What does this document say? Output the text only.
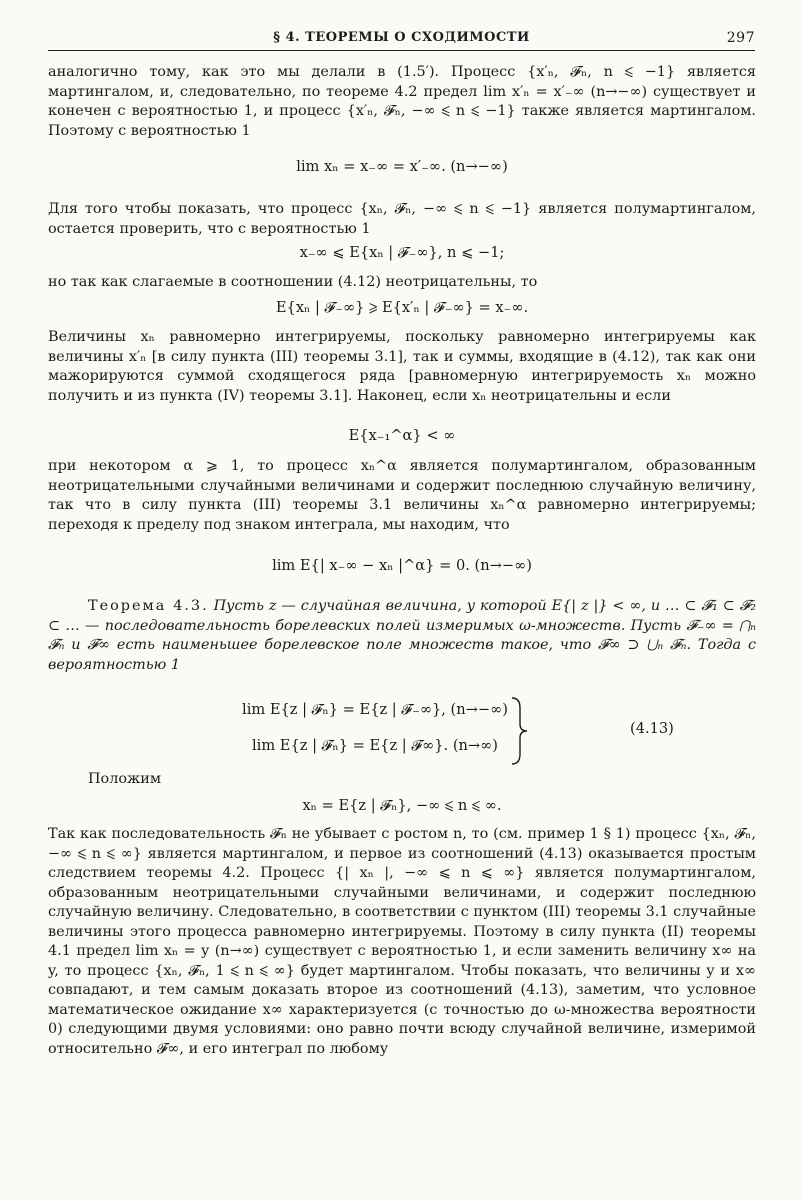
§ 4. ТЕОРЕМЫ О СХОДИМОСТИ	297

аналогично тому, как это мы делали в (1.5′). Процесс {x′ₙ, 𝓕ₙ, n ⩽ −1} является мартингалом, и, следовательно, по теореме 4.2 предел lim x′ₙ = x′₋∞ (n→−∞) существует и конечен с вероятностью 1, и процесс {x′ₙ, 𝓕ₙ, −∞ ⩽ n ⩽ −1} также является мартингалом. Поэтому с вероятностью 1

lim xₙ = x₋∞ = x′₋∞. (n→−∞)

Для того чтобы показать, что процесс {xₙ, 𝓕ₙ, −∞ ⩽ n ⩽ −1} является полумартингалом, остается проверить, что с вероятностью 1

x₋∞ ⩽ E{xₙ | 𝓕₋∞}, n ⩽ −1;

но так как слагаемые в соотношении (4.12) неотрицательны, то

E{xₙ | 𝓕₋∞} ⩾ E{x′ₙ | 𝓕₋∞} = x₋∞.

Величины xₙ равномерно интегрируемы, поскольку равномерно интегрируемы как величины x′ₙ [в силу пункта (III) теоремы 3.1], так и суммы, входящие в (4.12), так как они мажорируются суммой сходящегося ряда [равномерную интегрируемость xₙ можно получить и из пункта (IV) теоремы 3.1]. Наконец, если xₙ неотрицательны и если

E{x₋₁^α} < ∞

при некотором α ⩾ 1, то процесс xₙ^α является полумартингалом, образованным неотрицательными случайными величинами и содержит последнюю случайную величину, так что в силу пункта (III) теоремы 3.1 величины xₙ^α равномерно интегрируемы; переходя к пределу под знаком интеграла, мы находим, что

lim E{| x₋∞ − xₙ |^α} = 0. (n→−∞)

Теорема 4.3. Пусть z — случайная величина, у которой E{| z |} < ∞, и … ⊂ 𝓕₁ ⊂ 𝓕₂ ⊂ … — последовательность борелевских полей измеримых ω-множеств. Пусть 𝓕₋∞ = ⋂ₙ 𝓕ₙ и 𝓕∞ есть наименьшее борелевское поле множеств такое, что 𝓕∞ ⊃ ⋃ₙ 𝓕ₙ. Тогда с вероятностью 1

lim E{z | 𝓕ₙ} = E{z | 𝓕₋∞}, (n→−∞)
lim E{z | 𝓕ₙ} = E{z | 𝓕∞}. (n→∞)
(4.13)

Положим

xₙ = E{z | 𝓕ₙ}, −∞ ⩽ n ⩽ ∞.

Так как последовательность 𝓕ₙ не убывает с ростом n, то (см. пример 1 § 1) процесс {xₙ, 𝓕ₙ, −∞ ⩽ n ⩽ ∞} является мартингалом, и первое из соотношений (4.13) оказывается простым следствием теоремы 4.2. Процесс {| xₙ |, −∞ ⩽ n ⩽ ∞} является полумартингалом, образованным неотрицательными случайными величинами, и содержит последнюю случайную величину. Следовательно, в соответствии с пунктом (III) теоремы 3.1 случайные величины этого процесса равномерно интегрируемы. Поэтому в силу пункта (II) теоремы 4.1 предел lim xₙ = y (n→∞) существует с вероятностью 1, и если заменить величину x∞ на y, то процесс {xₙ, 𝓕ₙ, 1 ⩽ n ⩽ ∞} будет мартингалом. Чтобы показать, что величины y и x∞ совпадают, и тем самым доказать второе из соотношений (4.13), заметим, что условное математическое ожидание x∞ характеризуется (с точностью до ω-множества вероятности 0) следующими двумя условиями: оно равно почти всюду случайной величине, измеримой относительно 𝓕∞, и его интеграл по любому
